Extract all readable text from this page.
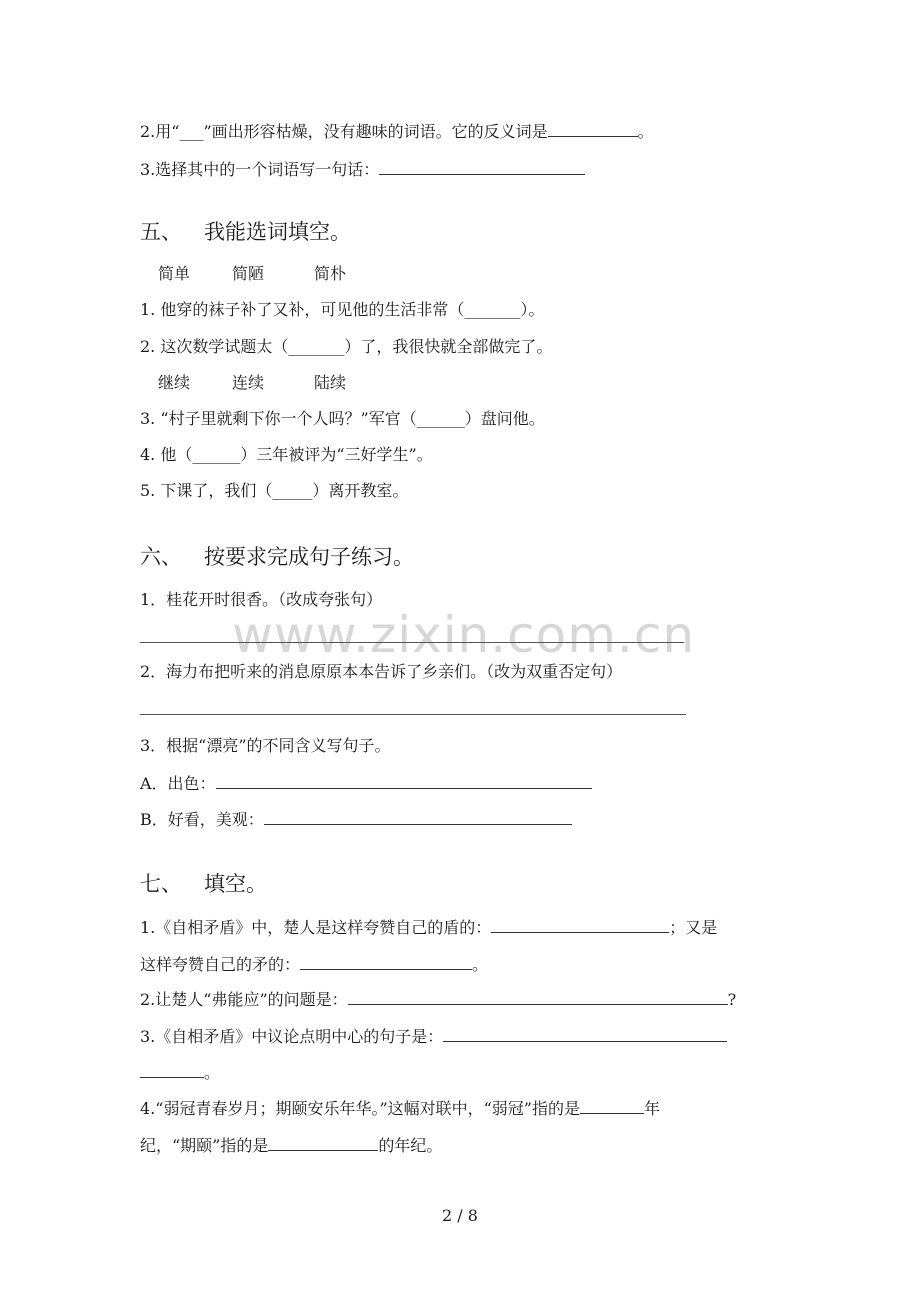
www.zixin.com.cn
2.用“___”画出形容枯燥，没有趣味的词语。它的反义词是	。
3.选择其中的一个词语写一句话：
五、 我能选词填空。
简单	简陋	简朴
1. 他穿的袜子补了又补，可见他的生活非常（_______）。
2. 这次数学试题太（_______）了，我很快就全部做完了。
继续	连续	陆续
3. “村子里就剩下你一个人吗？”军官（______）盘问他。
4. 他（______）三年被评为“三好学生”。
5. 下课了，我们（_____）离开教室。
六、 按要求完成句子练习。
1．桂花开时很香。（改成夸张句）
2．海力布把听来的消息原原本本告诉了乡亲们。（改为双重否定句）
3．根据“漂亮”的不同含义写句子。
A．出色：
B．好看，美观：
七、 填空。
1.《自相矛盾》中，楚人是这样夸赞自己的盾的：	；又是
这样夸赞自己的矛的：	。
2.让楚人“弗能应”的问题是：	?
3.《自相矛盾》中议论点明中心的句子是：
。
4.“弱冠青春岁月；期颐安乐年华。”这幅对联中，“弱冠”指的是	年
纪，“期颐”指的是	的年纪。
2 / 8
